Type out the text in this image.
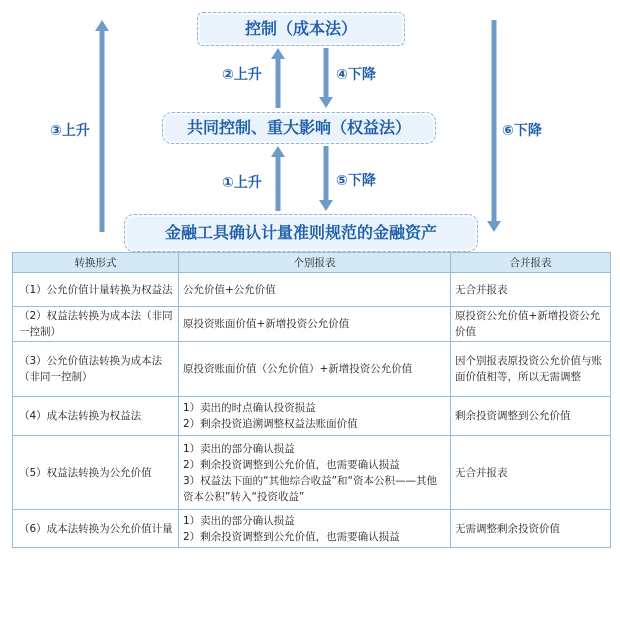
控制（成本法）
共同控制、重大影响（权益法）
金融工具确认计量准则规范的金融资产
②上升	④下降
①上升	⑤下降
③上升	⑥下降
转换形式	个别报表	合并报表
（1）公允价值计量转换为权益法	公允价值+公允价值	无合并报表
（2）权益法转换为成本法（非同一控制）	原投资账面价值+新增投资公允价值	原投资公允价值+新增投资公允价值
（3）公允价值法转换为成本法（非同一控制）	原投资账面价值（公允价值）+新增投资公允价值	因个别报表原投资公允价值与账面价值相等，所以无需调整
（4）成本法转换为权益法	1）卖出的时点确认投资损益
2）剩余投资追溯调整权益法账面价值	剩余投资调整到公允价值
（5）权益法转换为公允价值	1）卖出的部分确认损益
2）剩余投资调整到公允价值，也需要确认损益
3）权益法下面的“其他综合收益”和“资本公积——其他资本公积”转入“投资收益”	无合并报表
（6）成本法转换为公允价值计量	1）卖出的部分确认损益
2）剩余投资调整到公允价值，也需要确认损益	无需调整剩余投资价值
